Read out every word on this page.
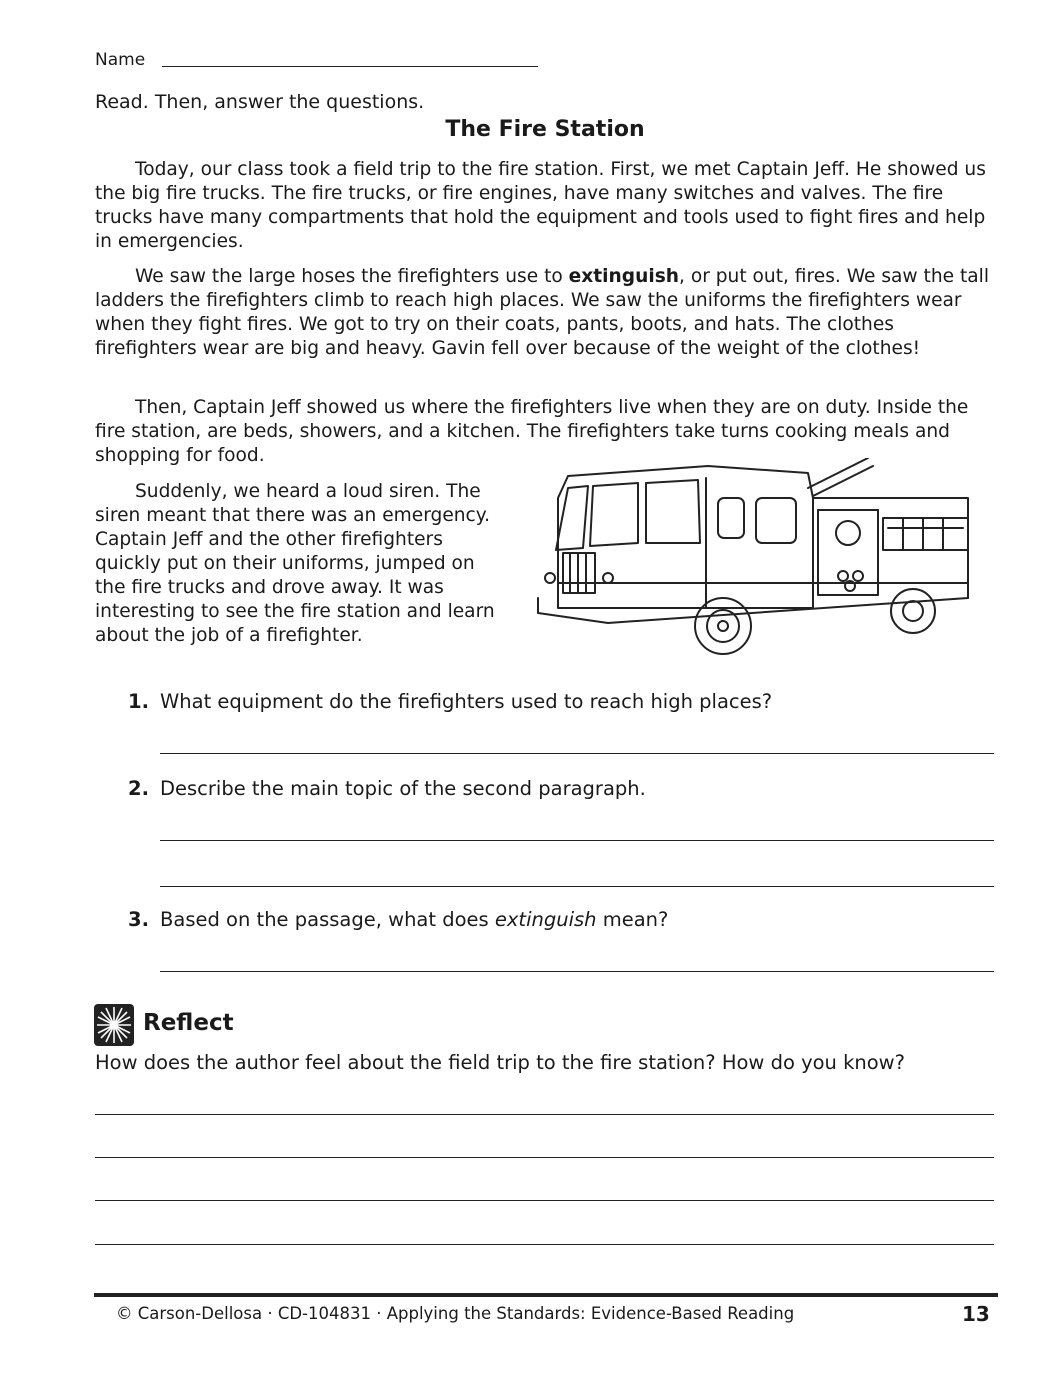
Name
Read. Then, answer the questions.
The Fire Station

Today, our class took a field trip to the fire station. First, we met Captain Jeff. He showed us the big fire trucks. The fire trucks, or fire engines, have many switches and valves. The fire trucks have many compartments that hold the equipment and tools used to fight fires and help in emergencies.

We saw the large hoses the firefighters use to extinguish, or put out, fires. We saw the tall ladders the firefighters climb to reach high places. We saw the uniforms the firefighters wear when they fight fires. We got to try on their coats, pants, boots, and hats. The clothes firefighters wear are big and heavy. Gavin fell over because of the weight of the clothes!

Then, Captain Jeff showed us where the firefighters live when they are on duty. Inside the fire station, are beds, showers, and a kitchen. The firefighters take turns cooking meals and shopping for food.

Suddenly, we heard a loud siren. The siren meant that there was an emergency. Captain Jeff and the other firefighters quickly put on their uniforms, jumped on the fire trucks and drove away. It was interesting to see the fire station and learn about the job of a firefighter.

1. What equipment do the firefighters used to reach high places?
2. Describe the main topic of the second paragraph.
3. Based on the passage, what does extinguish mean?
Reflect
How does the author feel about the field trip to the fire station? How do you know?
© Carson-Dellosa · CD-104831 · Applying the Standards: Evidence-Based Reading	13
